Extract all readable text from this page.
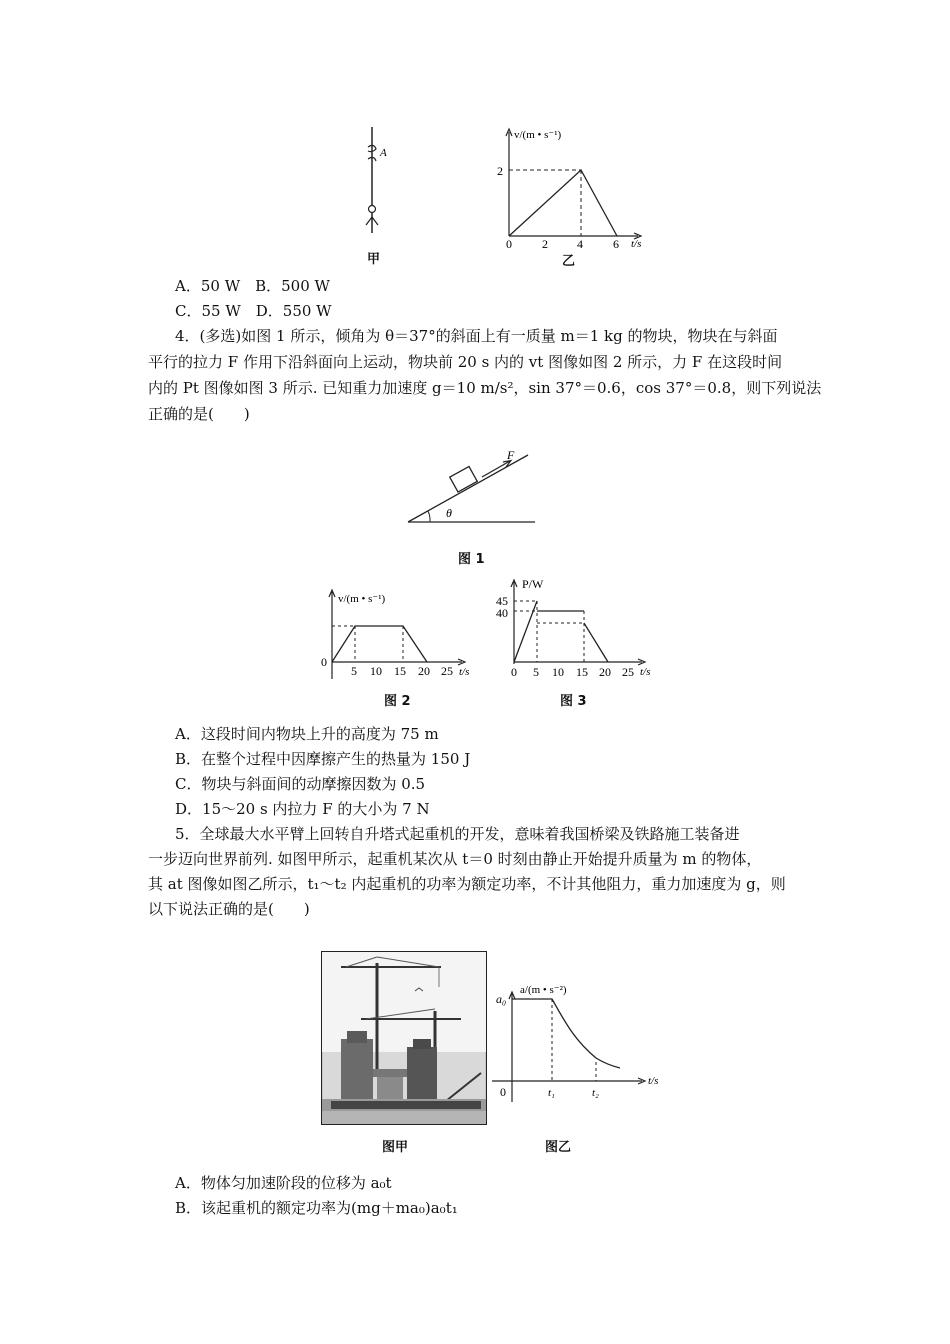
A
甲
v/(m • s⁻¹)
2
0	2 4	6 t/s
乙
A．50 W　B．500 W
C．55 W　D．550 W
4．(多选)如图 1 所示，倾角为 θ＝37°的斜面上有一质量 m＝1 kg 的物块，物块在与斜面
平行的拉力 F 作用下沿斜面向上运动，物块前 20 s 内的 vt 图像如图 2 所示，力 F 在这段时间
内的 Pt 图像如图 3 所示. 已知重力加速度 g＝10 m/s²，sin 37°＝0.6，cos 37°＝0.8，则下列说法
正确的是(　　)
F
θ
图 1
v/(m • s⁻¹)
0
5 10 15 20 25 t/s
图 2
P/W
45
40
0 5 10 15 20 25 t/s
图 3
A．这段时间内物块上升的高度为 75 m
B．在整个过程中因摩擦产生的热量为 150 J
C．物块与斜面间的动摩擦因数为 0.5
D．15～20 s 内拉力 F 的大小为 7 N
5．全球最大水平臂上回转自升塔式起重机的开发，意味着我国桥梁及铁路施工装备进
一步迈向世界前列. 如图甲所示，起重机某次从 t＝0 时刻由静止开始提升质量为 m 的物体，
其 at 图像如图乙所示，t₁～t₂ 内起重机的功率为额定功率，不计其他阻力，重力加速度为 g，则
以下说法正确的是(　　)
图甲
a/(m • s⁻²)
a₀
0	t₁	t₂
t/s
图乙
A．物体匀加速阶段的位移为 a₀t
B．该起重机的额定功率为(mg＋ma₀)a₀t₁
